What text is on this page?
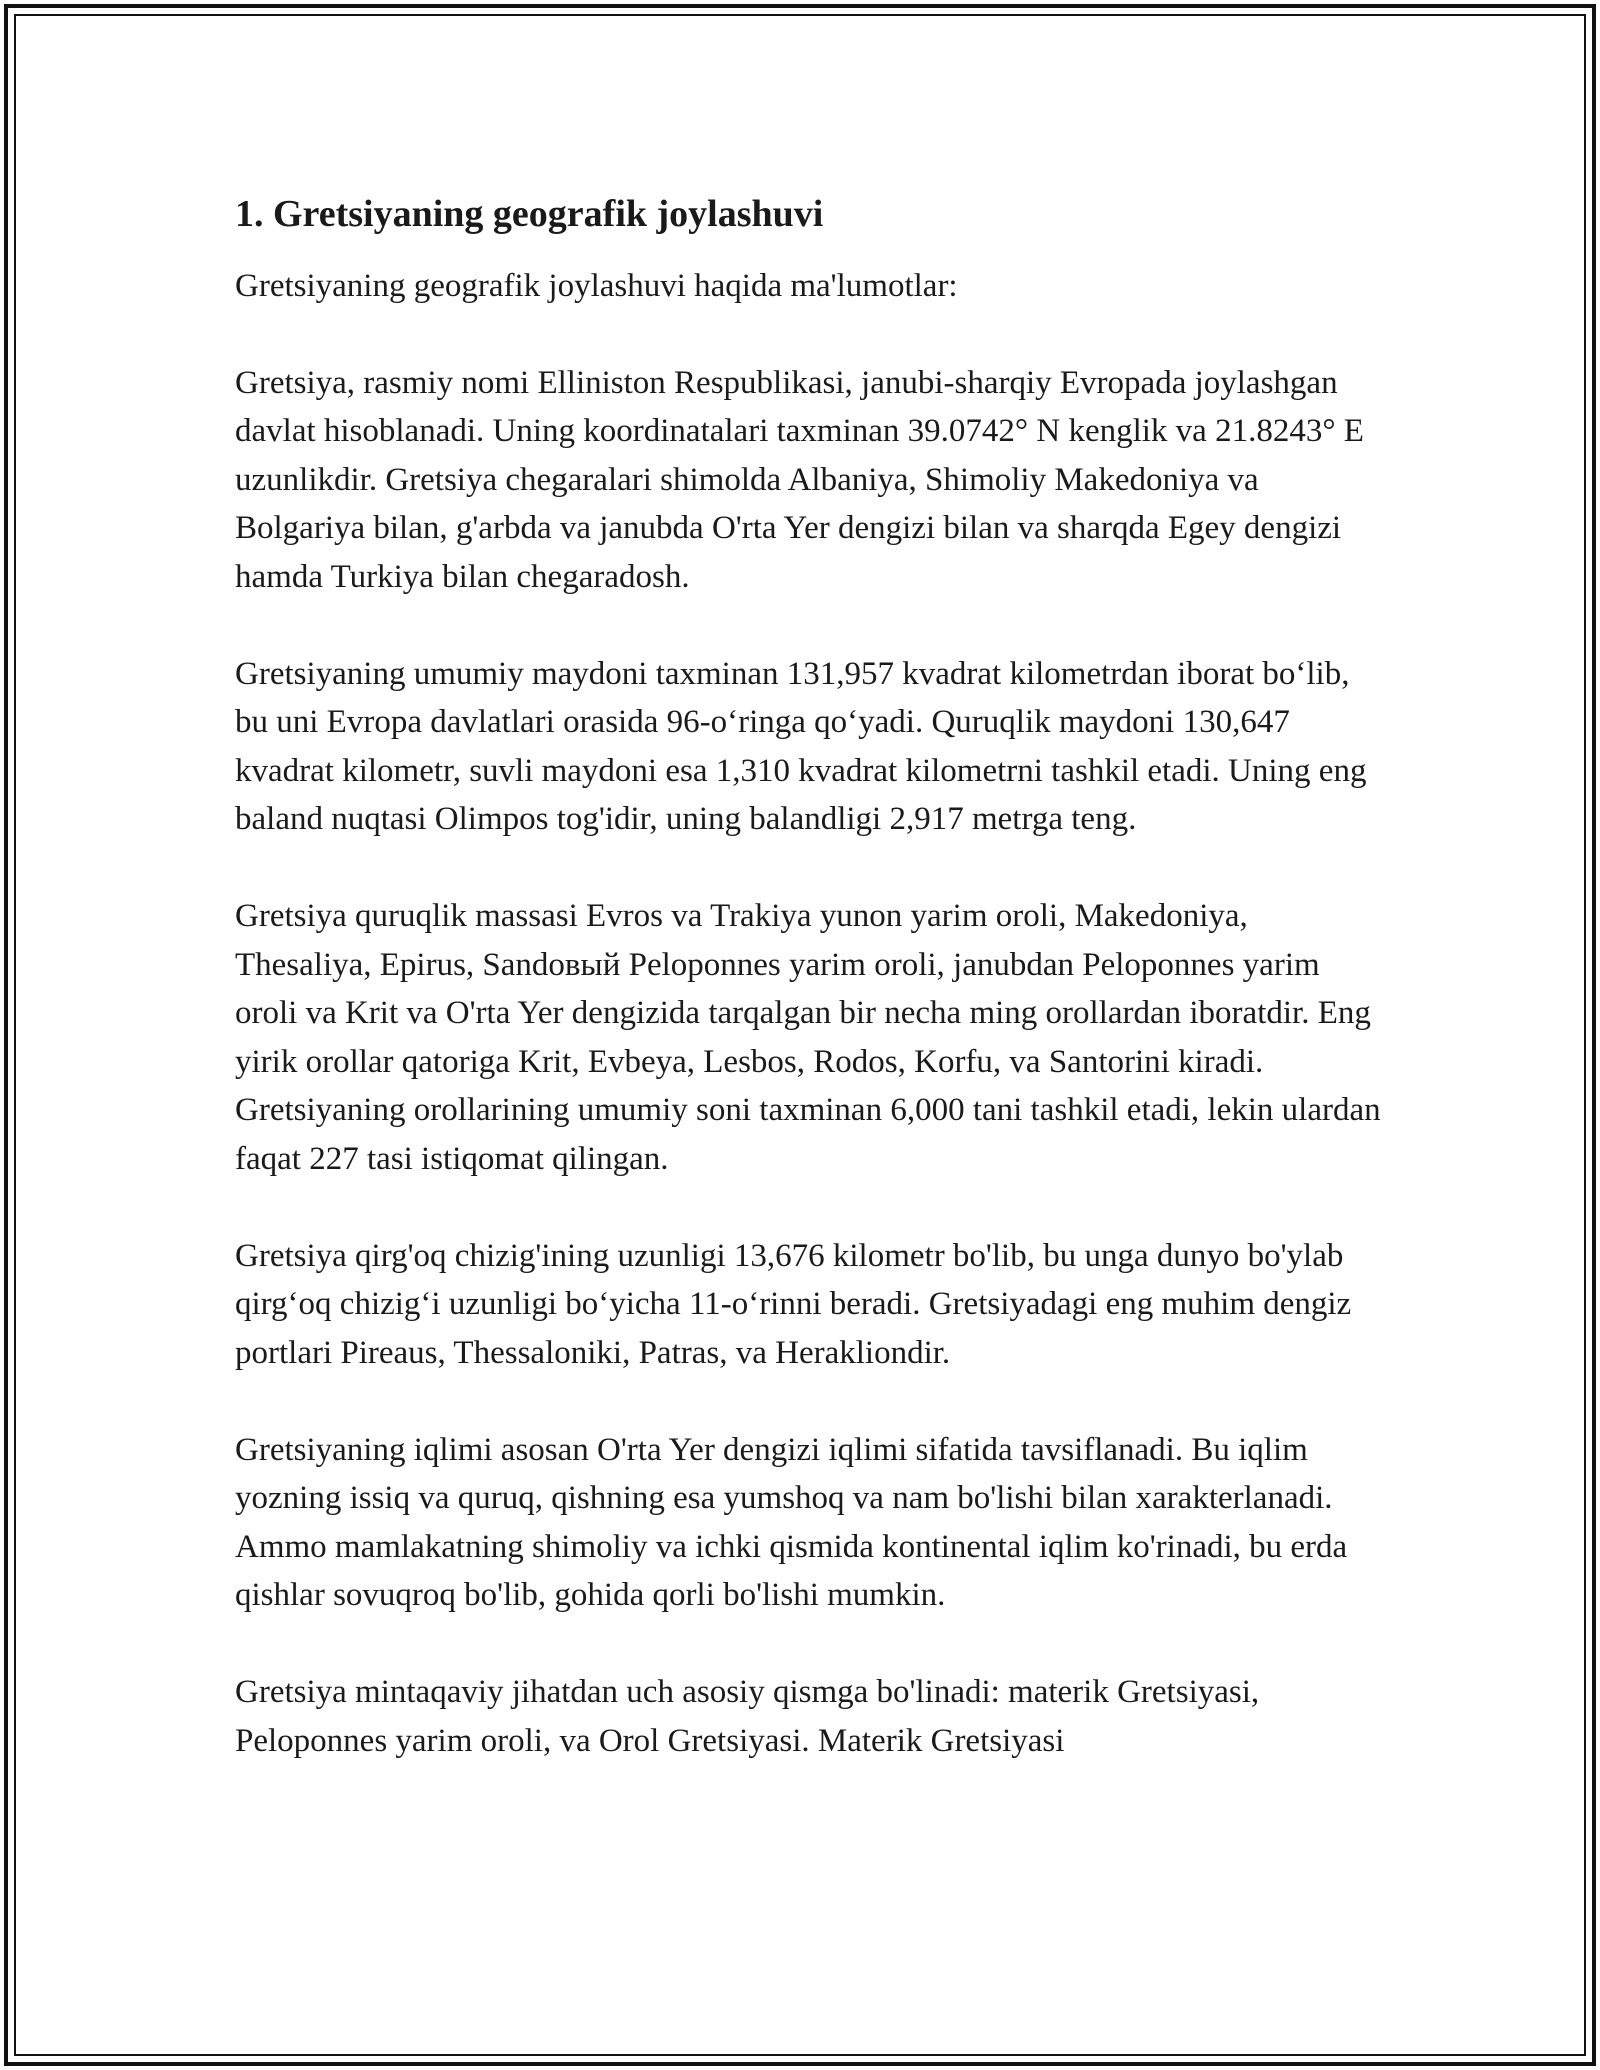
1. Gretsiyaning geografik joylashuvi

Gretsiyaning geografik joylashuvi haqida ma'lumotlar:

Gretsiya, rasmiy nomi Elliniston Respublikasi, janubi-sharqiy Evropada joylashgan davlat hisoblanadi. Uning koordinatalari taxminan 39.0742° N kenglik va 21.8243° E uzunlikdir. Gretsiya chegaralari shimolda Albaniya, Shimoliy Makedoniya va Bolgariya bilan, g'arbda va janubda O'rta Yer dengizi bilan va sharqda Egey dengizi hamda Turkiya bilan chegaradosh.

Gretsiyaning umumiy maydoni taxminan 131,957 kvadrat kilometrdan iborat bo‘lib, bu uni Evropa davlatlari orasida 96-o‘ringa qo‘yadi. Quruqlik maydoni 130,647 kvadrat kilometr, suvli maydoni esa 1,310 kvadrat kilometrni tashkil etadi. Uning eng baland nuqtasi Olimpos tog'idir, uning balandligi 2,917 metrga teng.

Gretsiya quruqlik massasi Evros va Trakiya yunon yarim oroli, Makedoniya, Thesaliya, Epirus, Sandовый Peloponnes yarim oroli, janubdan Peloponnes yarim oroli va Krit va O'rta Yer dengizida tarqalgan bir necha ming orollardan iboratdir. Eng yirik orollar qatoriga Krit, Evbeya, Lesbos, Rodos, Korfu, va Santorini kiradi. Gretsiyaning orollarining umumiy soni taxminan 6,000 tani tashkil etadi, lekin ulardan faqat 227 tasi istiqomat qilingan.

Gretsiya qirg'oq chizig'ining uzunligi 13,676 kilometr bo'lib, bu unga dunyo bo'ylab qirg‘oq chizig‘i uzunligi bo‘yicha 11-o‘rinni beradi. Gretsiyadagi eng muhim dengiz portlari Pireaus, Thessaloniki, Patras, va Herakliondir.

Gretsiyaning iqlimi asosan O'rta Yer dengizi iqlimi sifatida tavsiflanadi. Bu iqlim yozning issiq va quruq, qishning esa yumshoq va nam bo'lishi bilan xarakterlanadi. Ammo mamlakatning shimoliy va ichki qismida kontinental iqlim ko'rinadi, bu erda qishlar sovuqroq bo'lib, gohida qorli bo'lishi mumkin.

Gretsiya mintaqaviy jihatdan uch asosiy qismga bo'linadi: materik Gretsiyasi, Peloponnes yarim oroli, va Orol Gretsiyasi. Materik Gretsiyasi
